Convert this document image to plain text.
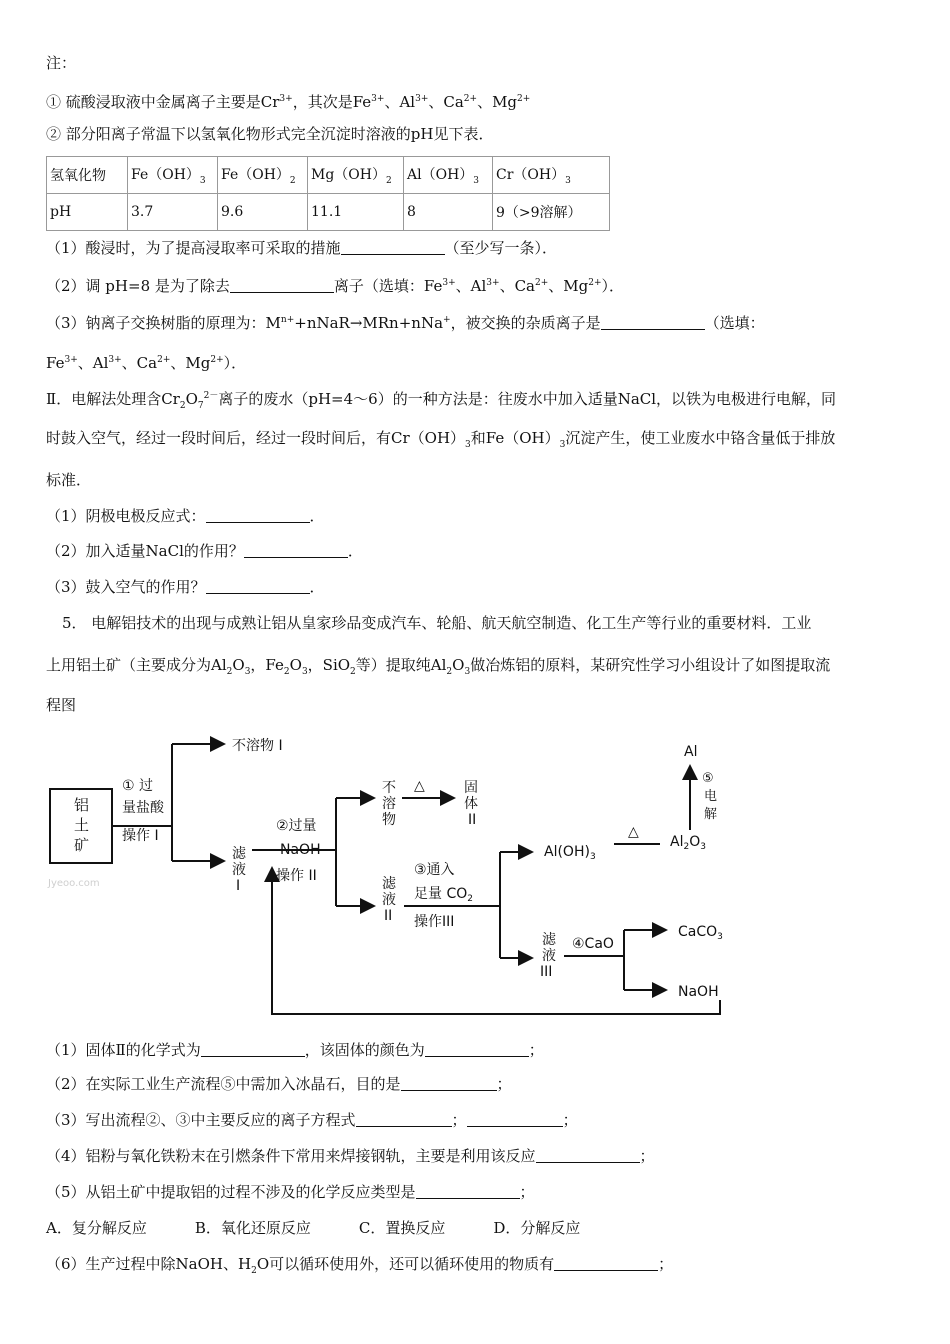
注：
① 硫酸浸取液中金属离子主要是$Cr^{3+}$，其次是$Fe^{3+}$、$Al^{3+}$、$Ca^{2+}$、$Mg^{2+}$
② 部分阳离子常温下以氢氧化物形式完全沉淀时溶液的pH见下表．
氢氧化物	$Fe(OH)_3$	$Fe(OH)_2$	$Mg(OH)_2$	$Al(OH)_3$	$Cr(OH)_3$
pH	3.7	9.6	11.1	8	9（>9溶解）
（1）酸浸时，为了提高浸取率可采取的措施	（至少写一条）．
（2）调 pH=8 是为了除去	离子（选填：$Fe^{3+}$、$Al^{3+}$、$Ca^{2+}$、$Mg^{2+}$）．
（3）钠离子交换树脂的原理为：$M^{n+}+nNaR\to MRn+nNa^+$，被交换的杂质离子是	（选填：
$Fe^{3+}$、$Al^{3+}$、$Ca^{2+}$、$Mg^{2+}$）．
Ⅱ．电解法处理含$Cr_2O_7^{2-}$离子的废水（pH=4～6）的一种方法是：往废水中加入适量NaCl，以铁为电极进行电解，同
时鼓入空气，经过一段时间后，经过一段时间后，有$Cr(OH)_3$和$Fe(OH)_3$沉淀产生，使工业废水中铬含量低于排放
标准．
（1）阴极电极反应式：	．
（2）加入适量NaCl的作用？	．
（3）鼓入空气的作用？	．
5． 电解铝技术的出现与成熟让铝从皇家珍品变成汽车、轮船、航天航空制造、化工生产等行业的重要材料．工业
上用铝土矿（主要成分为$Al_2O_3$，$Fe_2O_3$，SiO$_2$等）提取纯$Al_2O_3$做冶炼铝的原料，某研究性学习小组设计了如图提取流
程图
铝
土
矿
① 过
量盐酸
操作 I
不溶物 I
Jyeoo.com
滤
液
I
②过量
NaOH
操作 II
不
溶
物
△	固
体
II
滤
液
II
③通入
足量 $CO_2$
操作III
$Al(OH)_3$
△
$Al_2O_3$
Al
⑤
电
解
滤
液
III
④CaO
CaCO$_3$
NaOH
（1）固体Ⅱ的化学式为	，该固体的颜色为	；
（2）在实际工业生产流程⑤中需加入冰晶石，目的是	；
（3）写出流程②、③中主要反应的离子方程式	；	；
（4）铝粉与氧化铁粉末在引燃条件下常用来焊接钢轨，主要是利用该反应	；
（5）从铝土矿中提取铝的过程不涉及的化学反应类型是	；
A．复分解反应	B．氧化还原反应	C．置换反应	D．分解反应
（6）生产过程中除NaOH、$H_2O$可以循环使用外，还可以循环使用的物质有	；
